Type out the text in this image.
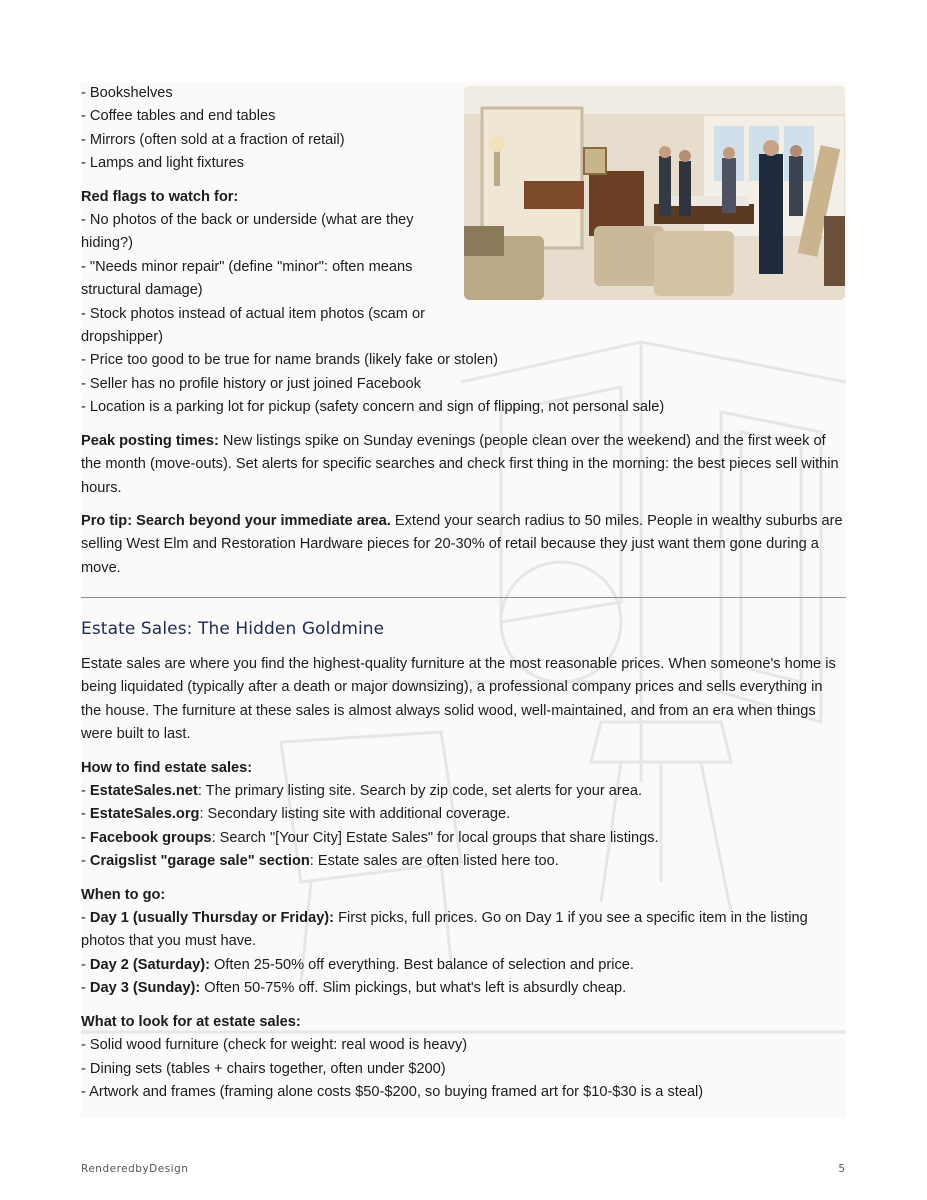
- Bookshelves
- Coffee tables and end tables
- Mirrors (often sold at a fraction of retail)
- Lamps and light fixtures
Red flags to watch for:
- No photos of the back or underside (what are they hiding?)
- "Needs minor repair" (define "minor": often means structural damage)
- Stock photos instead of actual item photos (scam or dropshipper)
- Price too good to be true for name brands (likely fake or stolen)
- Seller has no profile history or just joined Facebook
- Location is a parking lot for pickup (safety concern and sign of flipping, not personal sale)

Peak posting times: New listings spike on Sunday evenings (people clean over the weekend) and the first week of the month (move-outs). Set alerts for specific searches and check first thing in the morning: the best pieces sell within hours.

Pro tip: Search beyond your immediate area. Extend your search radius to 50 miles. People in wealthy suburbs are selling West Elm and Restoration Hardware pieces for 20-30% of retail because they just want them gone during a move.

Estate Sales: The Hidden Goldmine

Estate sales are where you find the highest-quality furniture at the most reasonable prices. When someone's home is being liquidated (typically after a death or major downsizing), a professional company prices and sells everything in the house. The furniture at these sales is almost always solid wood, well-maintained, and from an era when things were built to last.

How to find estate sales:
- EstateSales.net: The primary listing site. Search by zip code, set alerts for your area.
- EstateSales.org: Secondary listing site with additional coverage.
- Facebook groups: Search "[Your City] Estate Sales" for local groups that share listings.
- Craigslist "garage sale" section: Estate sales are often listed here too.
When to go:
- Day 1 (usually Thursday or Friday): First picks, full prices. Go on Day 1 if you see a specific item in the listing photos that you must have.
- Day 2 (Saturday): Often 25-50% off everything. Best balance of selection and price.
- Day 3 (Sunday): Often 50-75% off. Slim pickings, but what's left is absurdly cheap.
What to look for at estate sales:
- Solid wood furniture (check for weight: real wood is heavy)
- Dining sets (tables + chairs together, often under $200)
- Artwork and frames (framing alone costs $50-$200, so buying framed art for $10-$30 is a steal)
RenderedbyDesign	5
